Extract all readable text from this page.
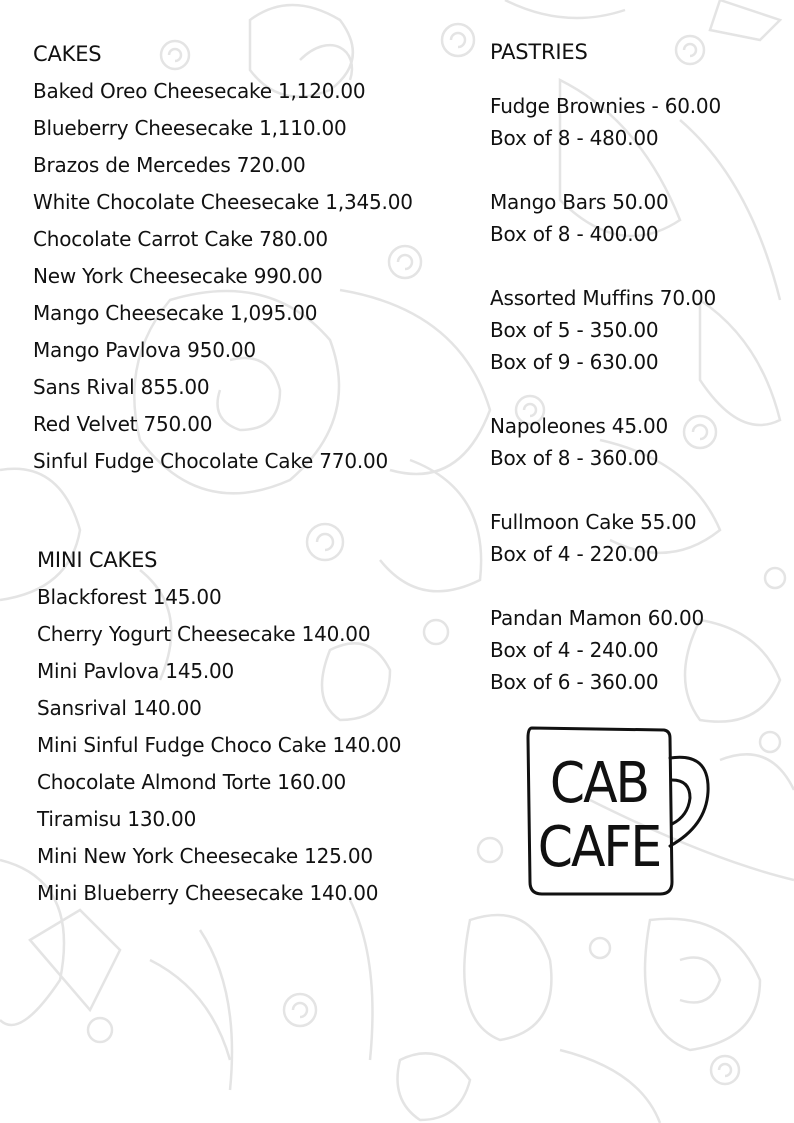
CAKES
Baked Oreo Cheesecake 1,120.00
Blueberry Cheesecake 1,110.00
Brazos de Mercedes 720.00
White Chocolate Cheesecake 1,345.00
Chocolate Carrot Cake 780.00
New York Cheesecake 990.00
Mango Cheesecake 1,095.00
Mango Pavlova 950.00
Sans Rival 855.00
Red Velvet 750.00
Sinful Fudge Chocolate Cake 770.00
MINI CAKES
Blackforest 145.00
Cherry Yogurt Cheesecake 140.00
Mini Pavlova 145.00
Sansrival 140.00
Mini Sinful Fudge Choco Cake 140.00
Chocolate Almond Torte 160.00
Tiramisu 130.00
Mini New York Cheesecake 125.00
Mini Blueberry Cheesecake 140.00
PASTRIES
Fudge Brownies - 60.00
Box of 8 - 480.00
Mango Bars 50.00
Box of 8 - 400.00
Assorted Muffins 70.00
Box of 5 - 350.00
Box of 9 - 630.00
Napoleones 45.00
Box of 8 - 360.00
Fullmoon Cake 55.00
Box of 4 - 220.00
Pandan Mamon 60.00
Box of 4 - 240.00
Box of 6 - 360.00
CAB
CAFE
